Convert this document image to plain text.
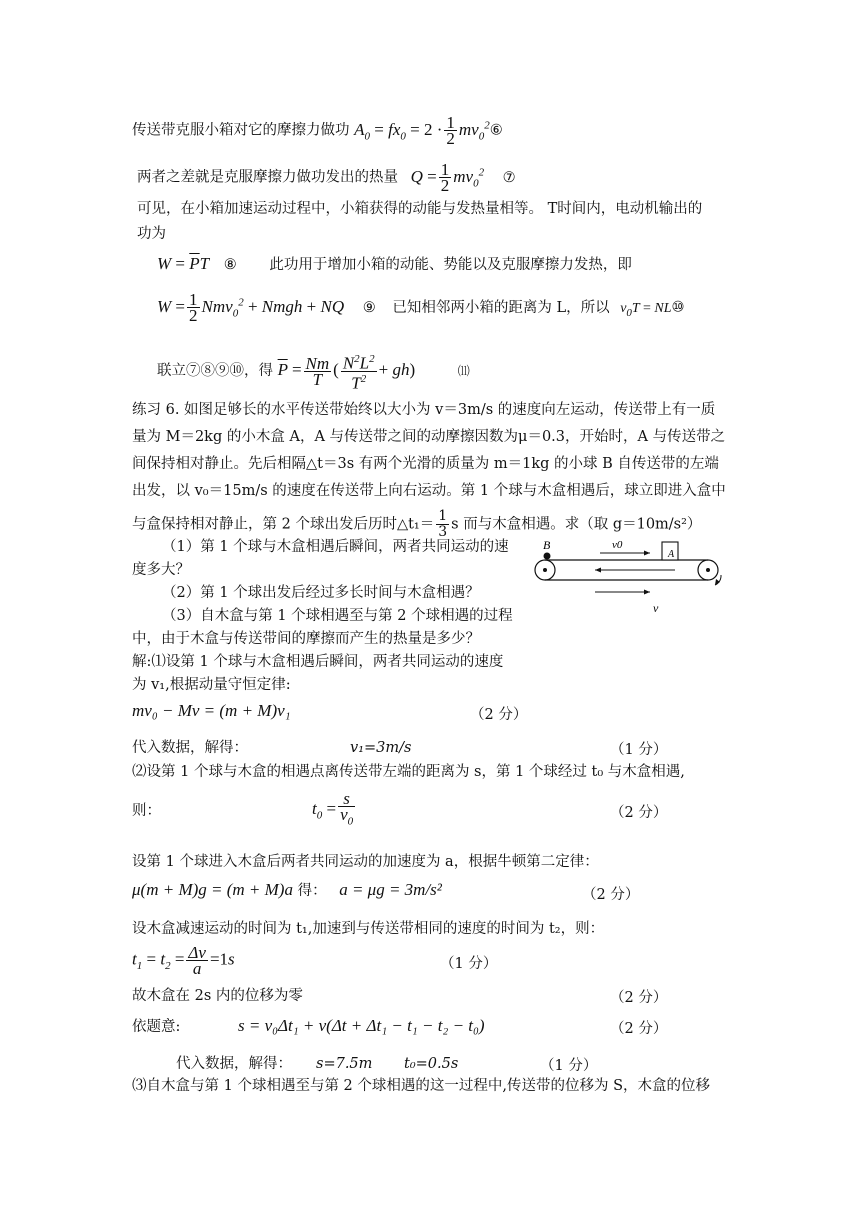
传送带克服小箱对它的摩擦力做功 $A_0 = fx_0 = 2 \cdot \frac{1}{2}$ $mv_0^2⑥$
两者之差就是克服摩擦力做功发出的热量 $Q = \frac{1}{2} mv_0^2$ ⑦
可见，在小箱加速运动过程中，小箱获得的动能与发热量相等。 T时间内，电动机输出的
功为
$W = \overline{P}T$ ⑧ 此功用于增加小箱的动能、势能以及克服摩擦力发热，即
$W = \frac{1}{2} Nmv_0^2$ + Nmgh + NQ ⑨ 已知相邻两小箱的距离为 L，所以 $v_0T$ = NL⑩
联立⑦⑧⑨⑩，得 $\overline{P} = \frac{Nm}{T}$ ( $\frac{N^2L^2}{T^2} + gh$)	⑾
练习 6. 如图足够长的水平传送带始终以大小为 v＝3m/s 的速度向左运动，传送带上有一质
量为 M＝2kg 的小木盒 A，A 与传送带之间的动摩擦因数为μ＝0.3，开始时，A 与传送带之
间保持相对静止。先后相隔△t＝3s 有两个光滑的质量为 m＝1kg 的小球 B 自传送带的左端
出发，以 v₀＝15m/s 的速度在传送带上向右运动。第 1 个球与木盒相遇后，球立即进入盒中
与盒保持相对静止，第 2 个球出发后历时△t₁＝ $\frac{1}{3}$ s 而与木盒相遇。求（取 g＝10m/s²）
（1）第 1 个球与木盒相遇后瞬间，两者共同运动的速
度多大？
（2）第 1 个球出发后经过多长时间与木盒相遇？
（3）自木盒与第 1 个球相遇至与第 2 个球相遇的过程
中，由于木盒与传送带间的摩擦而产生的热量是多少？
B
A
v0
v
解:⑴设第 1 个球与木盒相遇后瞬间，两者共同运动的速度
为 v₁,根据动量守恒定律:
mv₀ − Mv = (m + M)v₁	（2 分）
代入数据，解得：	v₁=3m/s	（1 分）
⑵设第 1 个球与木盒的相遇点离传送带左端的距离为 s，第 1 个球经过 t₀ 与木盒相遇,
则：	$t_0 = \frac{s}{v_0}$	（2 分）
设第 1 个球进入木盒后两者共同运动的加速度为 a，根据牛顿第二定律：
μ(m + M)g = (m + M)a 得： a = μg = 3m/s²	（2 分）
设木盒减速运动的时间为 t₁,加速到与传送带相同的速度的时间为 t₂，则：
$t_1 = t_2 = \frac{\Delta v}{a} =1s$	（1 分）
故木盒在 2s 内的位移为零	（2 分）
依题意:	s = v₀Δt₁ + v(Δt + Δt₁ − t₁ − t₂ − t₀)	（2 分）
代入数据，解得： s=7.5m t₀=0.5s	（1 分）
⑶自木盒与第 1 个球相遇至与第 2 个球相遇的这一过程中,传送带的位移为 S，木盒的位移
